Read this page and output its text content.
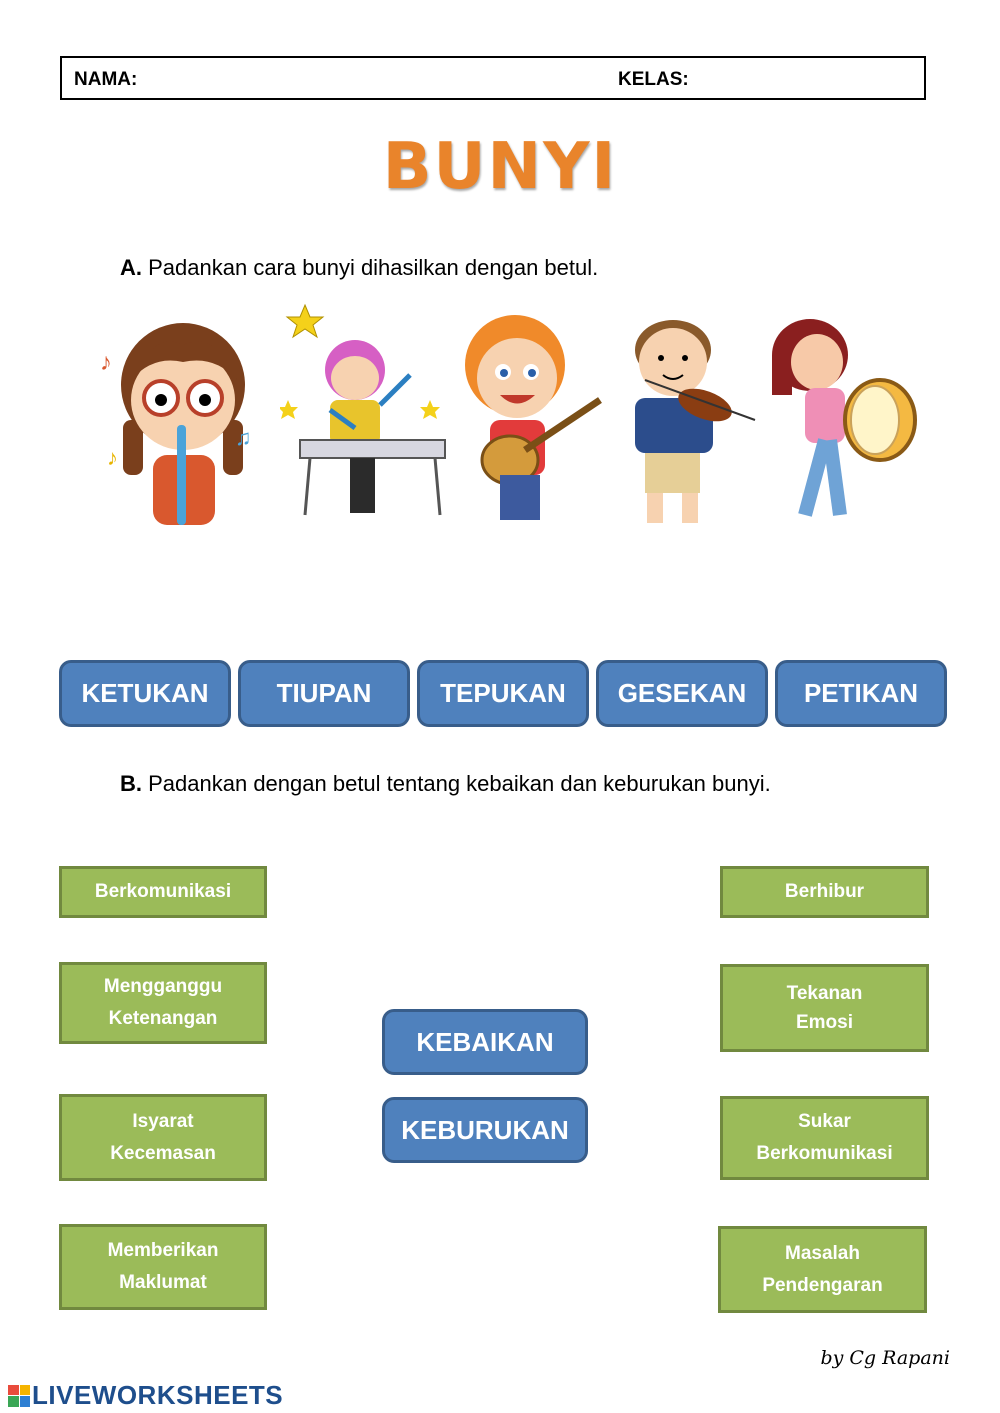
NAMA:	KELAS:
BUNYI
A. Padankan cara bunyi dihasilkan dengan betul.
♪
♫
♪
KETUKAN	TIUPAN	TEPUKAN	GESEKAN	PETIKAN
B. Padankan dengan betul tentang kebaikan dan keburukan bunyi.
Berkomunikasi
Mengganggu
Ketenangan
Isyarat
Kecemasan
Memberikan
Maklumat
KEBAIKAN
KEBURUKAN
Berhibur
Tekanan
Emosi
Sukar
Berkomunikasi
Masalah
Pendengaran
by Cg Rapani
LIVEWORKSHEETS
